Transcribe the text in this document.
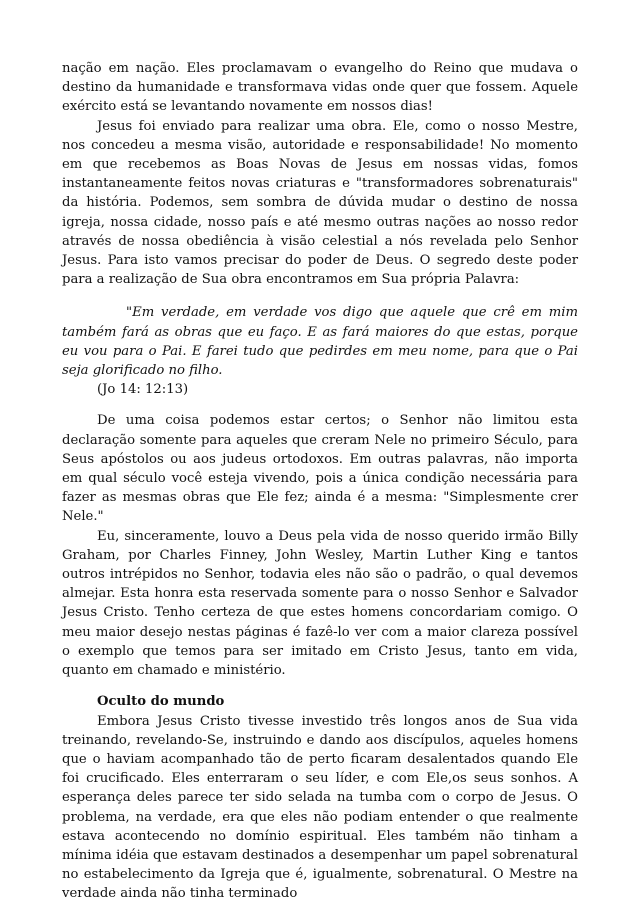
nação em nação. Eles proclamavam o evangelho do Reino que mudava o destino da humanidade e transformava vidas onde quer que fossem. Aquele exército está se levantando novamente em nossos dias!

Jesus foi enviado para realizar uma obra. Ele, como o nosso Mestre, nos concedeu a mesma visão, autoridade e responsabilidade! No momento em que recebemos as Boas Novas de Jesus em nossas vidas, fomos instantaneamente feitos novas criaturas e "transformadores sobrenaturais" da história. Podemos, sem sombra de dúvida mudar o destino de nossa igreja, nossa cidade, nosso país e até mesmo outras nações ao nosso redor através de nossa obediência à visão celestial a nós revelada pelo Senhor Jesus. Para isto vamos precisar do poder de Deus. O segredo deste poder para a realização de Sua obra encontramos em Sua própria Palavra:

"Em verdade, em verdade vos digo que aquele que crê em mim também fará as obras que eu faço. E as fará maiores do que estas, porque eu vou para o Pai. E farei tudo que pedirdes em meu nome, para que o Pai seja glorificado no filho.

(Jo 14: 12:13)

De uma coisa podemos estar certos; o Senhor não limitou esta declaração somente para aqueles que creram Nele no primeiro Século, para Seus apóstolos ou aos judeus ortodoxos. Em outras palavras, não importa em qual século você esteja vivendo, pois a única condição necessária para fazer as mesmas obras que Ele fez; ainda é a mesma: "Simplesmente crer Nele."

Eu, sinceramente, louvo a Deus pela vida de nosso querido irmão Billy Graham, por Charles Finney, John Wesley, Martin Luther King e tantos outros intrépidos no Senhor, todavia eles não são o padrão, o qual devemos almejar. Esta honra esta reservada somente para o nosso Senhor e Salvador Jesus Cristo. Tenho certeza de que estes homens concordariam comigo. O meu maior desejo nestas páginas é fazê-lo ver com a maior clareza possível o exemplo que temos para ser imitado em Cristo Jesus, tanto em vida, quanto em chamado e ministério.

Oculto do mundo

Embora Jesus Cristo tivesse investido três longos anos de Sua vida treinando, revelando-Se, instruindo e dando aos discípulos, aqueles homens que o haviam acompanhado tão de perto ficaram desalentados quando Ele foi crucificado. Eles enterraram o seu líder, e com Ele,os seus sonhos. A esperança deles parece ter sido selada na tumba com o corpo de Jesus. O problema, na verdade, era que eles não podiam entender o que realmente estava acontecendo no domínio espiritual. Eles também não tinham a mínima idéia que estavam destinados a desempenhar um papel sobrenatural no estabelecimento da Igreja que é, igualmente, sobrenatural. O Mestre na verdade ainda não tinha terminado
